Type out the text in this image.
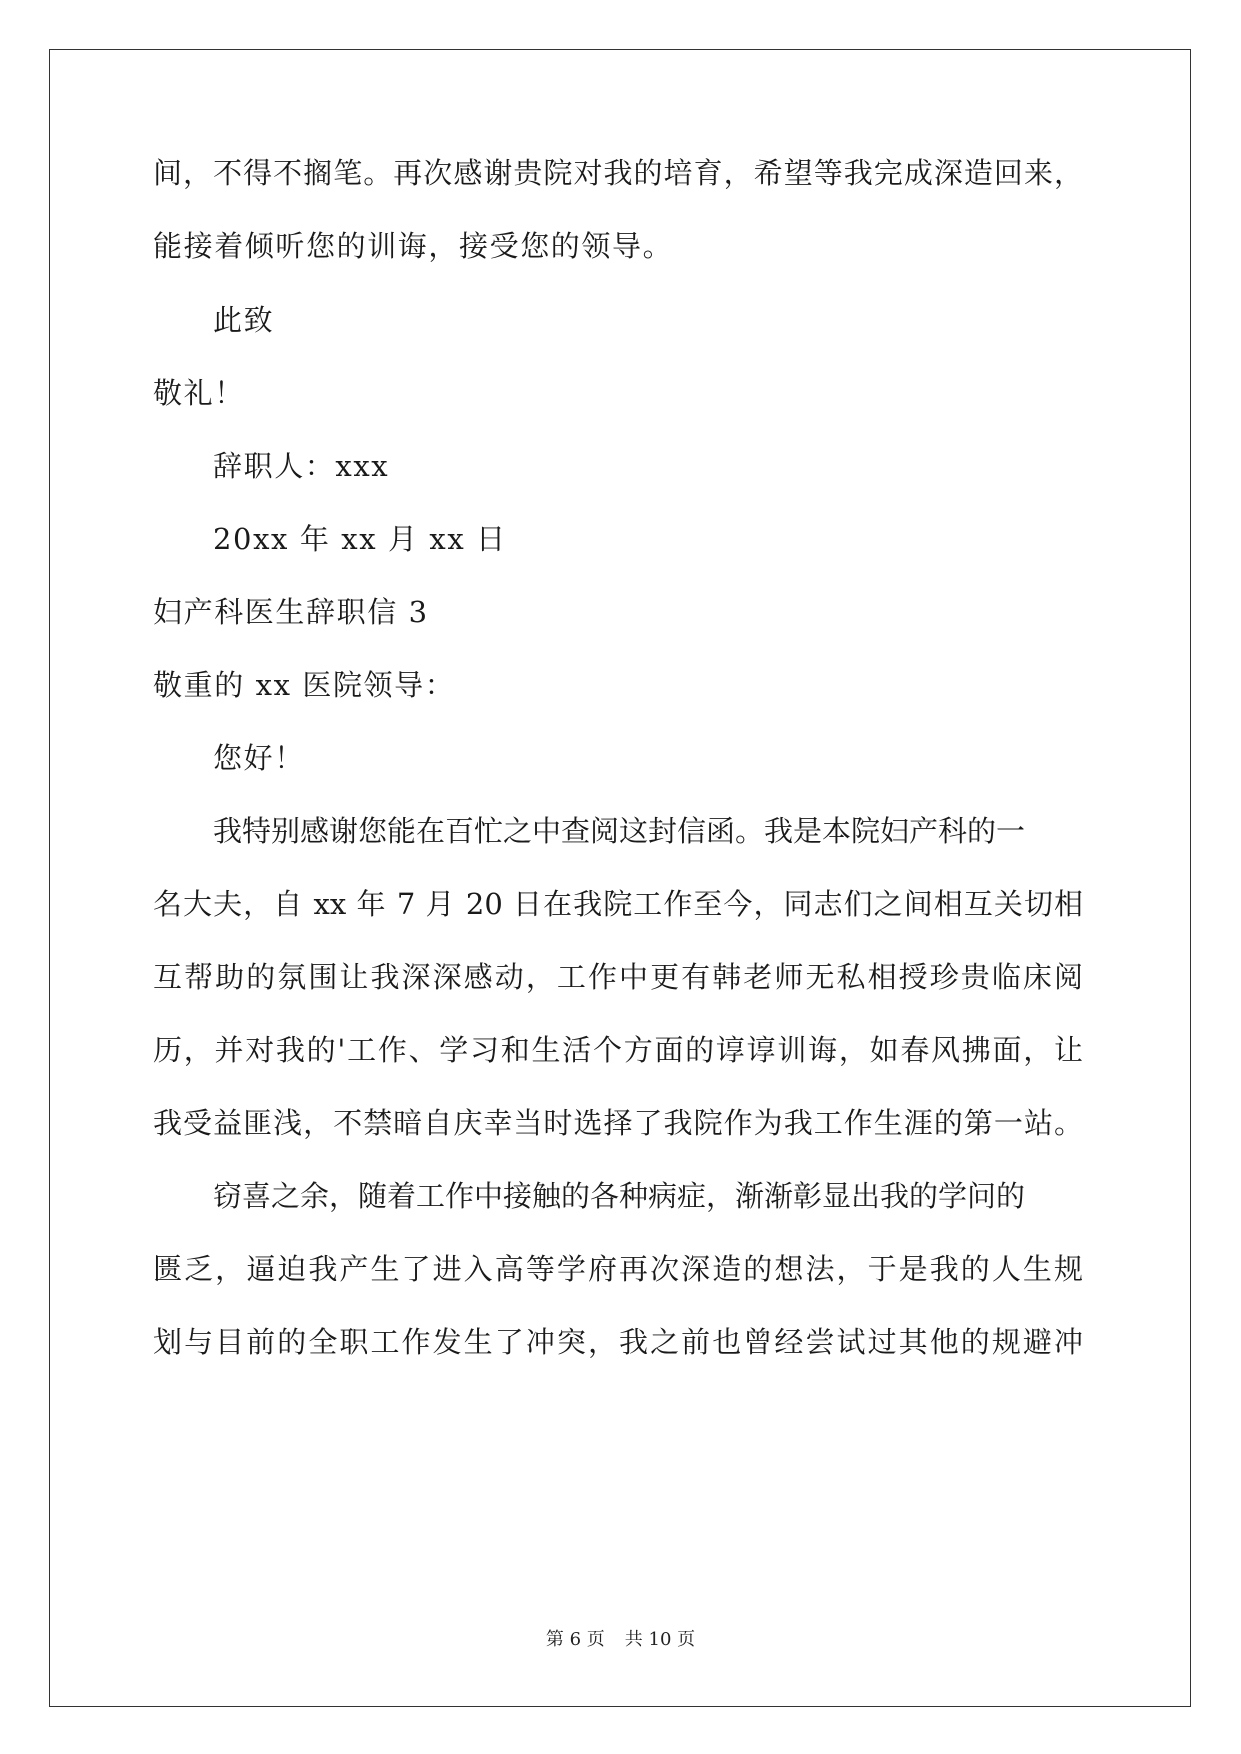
间，不得不搁笔。再次感谢贵院对我的培育，希望等我完成深造回来，
能接着倾听您的训诲，接受您的领导。
此致
敬礼！
辞职人：xxx
20xx 年 xx 月 xx 日
妇产科医生辞职信 3
敬重的 xx 医院领导：
您好！
我特别感谢您能在百忙之中查阅这封信函。我是本院妇产科的一
名大夫，自 xx 年 7 月 20 日在我院工作至今，同志们之间相互关切相
互帮助的氛围让我深深感动，工作中更有韩老师无私相授珍贵临床阅
历，并对我的'工作、学习和生活个方面的谆谆训诲，如春风拂面，让
我受益匪浅，不禁暗自庆幸当时选择了我院作为我工作生涯的第一站。
窃喜之余，随着工作中接触的各种病症，渐渐彰显出我的学问的
匮乏，逼迫我产生了进入高等学府再次深造的想法，于是我的人生规
划与目前的全职工作发生了冲突，我之前也曾经尝试过其他的规避冲
第 6 页 共 10 页
